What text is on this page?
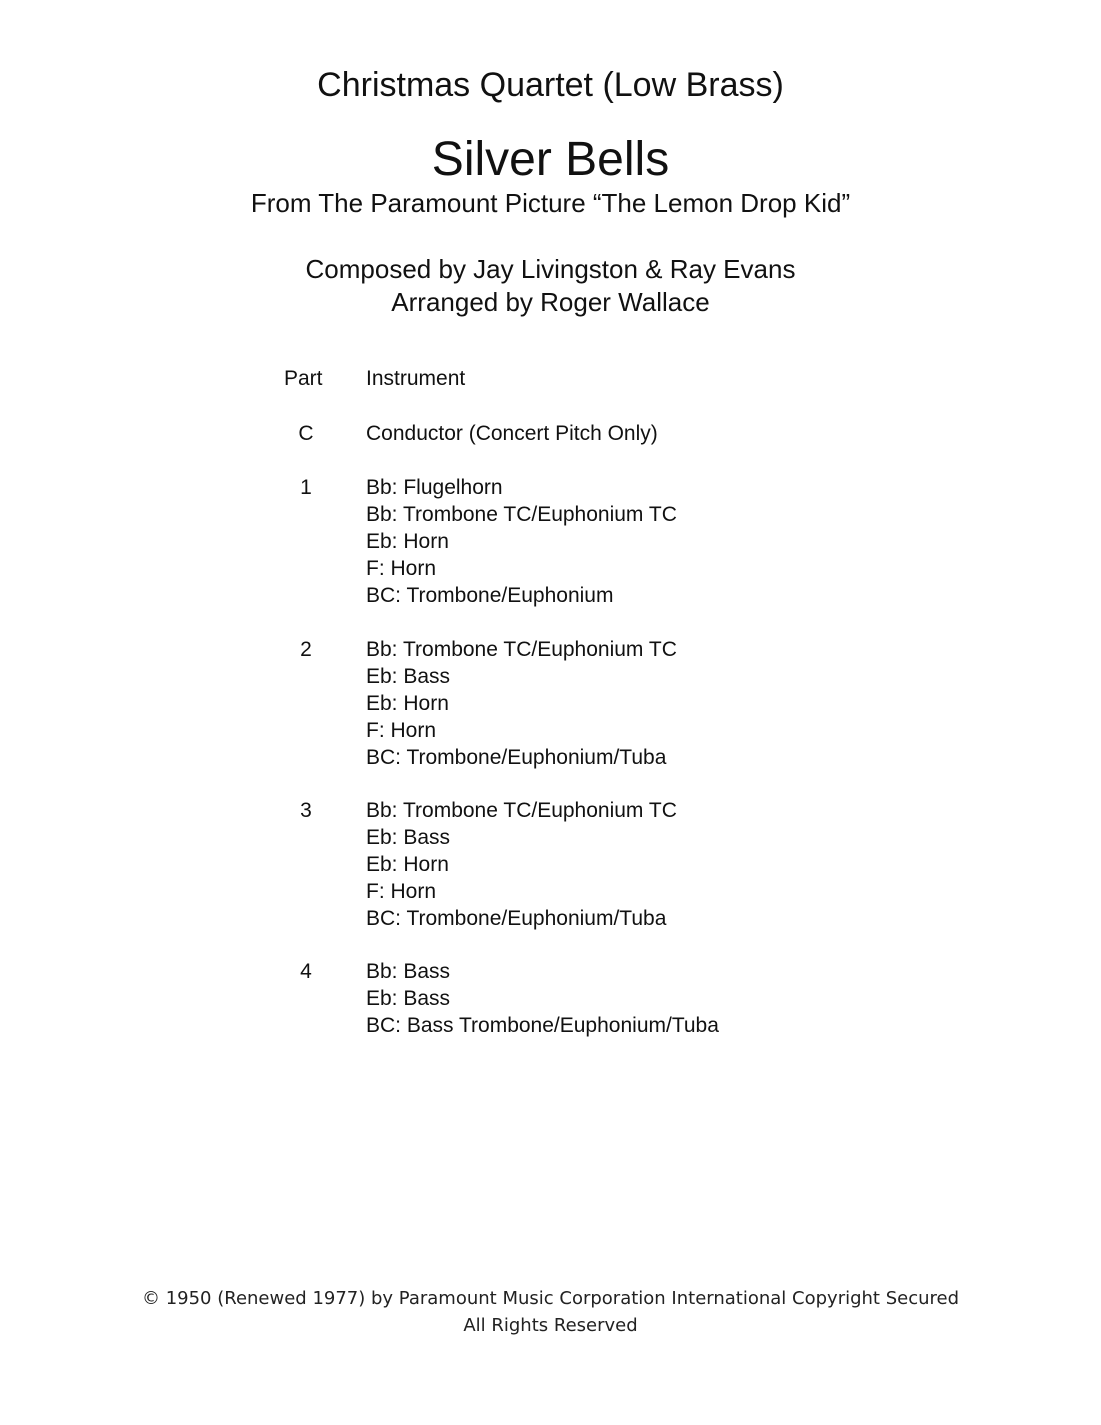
Christmas Quartet (Low Brass)
Silver Bells
From The Paramount Picture “The Lemon Drop Kid”
Composed by Jay Livingston & Ray Evans
Arranged by Roger Wallace
Part Instrument
C	Conductor (Concert Pitch Only)
1	Bb: Flugelhorn
Bb: Trombone TC/Euphonium TC
Eb: Horn
F: Horn
BC: Trombone/Euphonium
2	Bb: Trombone TC/Euphonium TC
Eb: Bass
Eb: Horn
F: Horn
BC: Trombone/Euphonium/Tuba
3	Bb: Trombone TC/Euphonium TC
Eb: Bass
Eb: Horn
F: Horn
BC: Trombone/Euphonium/Tuba
4	Bb: Bass
Eb: Bass
BC: Bass Trombone/Euphonium/Tuba
© 1950 (Renewed 1977) by Paramount Music Corporation International Copyright Secured
All Rights Reserved
